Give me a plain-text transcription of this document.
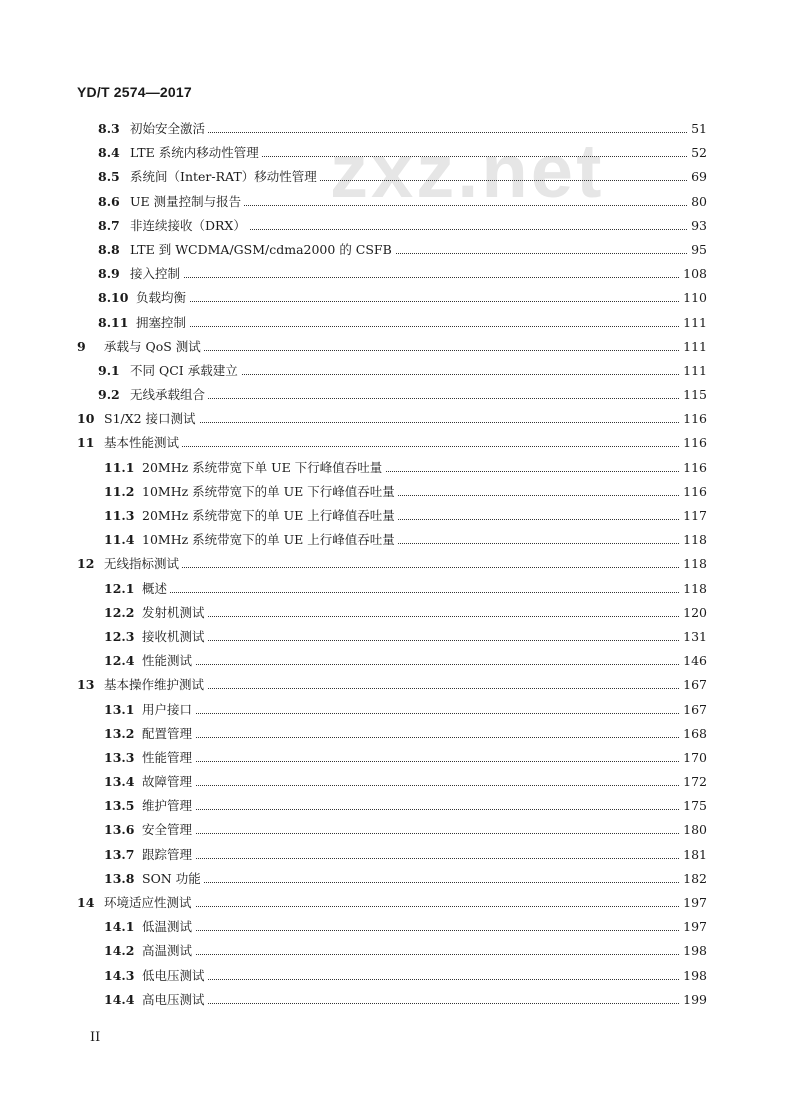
YD/T 2574—2017
zxz.net
8.3 初始安全激活	51
8.4 LTE 系统内移动性管理	52
8.5 系统间（Inter-RAT）移动性管理	69
8.6 UE 测量控制与报告	80
8.7 非连续接收（DRX）	93
8.8 LTE 到 WCDMA/GSM/cdma2000 的 CSFB	95
8.9 接入控制	108
8.10 负载均衡	110
8.11 拥塞控制	111
9 承载与 QoS 测试	111
9.1 不同 QCI 承载建立	111
9.2 无线承载组合	115
10 S1/X2 接口测试	116
11 基本性能测试	116
11.1 20MHz 系统带宽下单 UE 下行峰值吞吐量	116
11.2 10MHz 系统带宽下的单 UE 下行峰值吞吐量	116
11.3 20MHz 系统带宽下的单 UE 上行峰值吞吐量	117
11.4 10MHz 系统带宽下的单 UE 上行峰值吞吐量	118
12 无线指标测试	118
12.1 概述	118
12.2 发射机测试	120
12.3 接收机测试	131
12.4 性能测试	146
13 基本操作维护测试	167
13.1 用户接口	167
13.2 配置管理	168
13.3 性能管理	170
13.4 故障管理	172
13.5 维护管理	175
13.6 安全管理	180
13.7 跟踪管理	181
13.8 SON 功能	182
14 环境适应性测试	197
14.1 低温测试	197
14.2 高温测试	198
14.3 低电压测试	198
14.4 高电压测试	199
II
